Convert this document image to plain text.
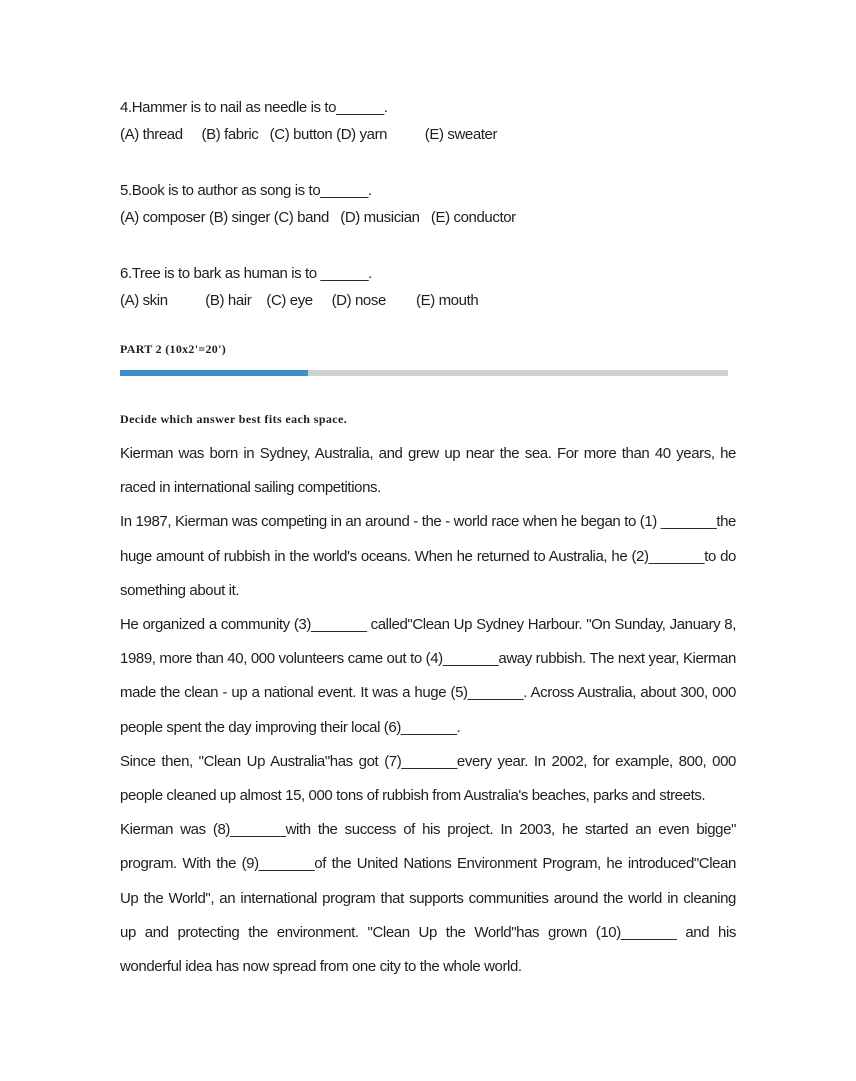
4.Hammer is to nail as needle is to______.

(A) thread     (B) fabric   (C) button (D) yarn          (E) sweater

5.Book is to author as song is to______.

(A) composer (B) singer (C) band   (D) musician   (E) conductor

6.Tree is to bark as human is to ______.

(A) skin          (B) hair    (C) eye     (D) nose        (E) mouth

PART 2 (10x2'=20')

Decide which answer best fits each space.

Kierman was born in Sydney, Australia, and grew up near the sea. For more than 40 years, he raced in international sailing competitions.

In 1987, Kierman was competing in an around - the - world race when he began to (1) _______the huge amount of rubbish in the world's oceans. When he returned to Australia, he (2)_______to do something about it.

He organized a community (3)_______ called"Clean Up Sydney Harbour. "On Sunday, January 8, 1989, more than 40, 000 volunteers came out to (4)_______away rubbish. The next year, Kierman made the clean - up a national event. It was a huge (5)_______. Across Australia, about 300, 000 people spent the day improving their local (6)_______.

Since then, "Clean Up Australia"has got (7)_______every year. In 2002, for example, 800, 000 people cleaned up almost 15, 000 tons of rubbish from Australia's beaches, parks and streets.

Kierman was (8)_______with the success of his project. In 2003, he started an even bigge" program. With the (9)_______of the United Nations Environment Program, he introduced"Clean Up the World", an international program that supports communities around the world in cleaning up and protecting the environment. "Clean Up the World"has grown (10)_______ and his wonderful idea has now spread from one city to the whole world.
